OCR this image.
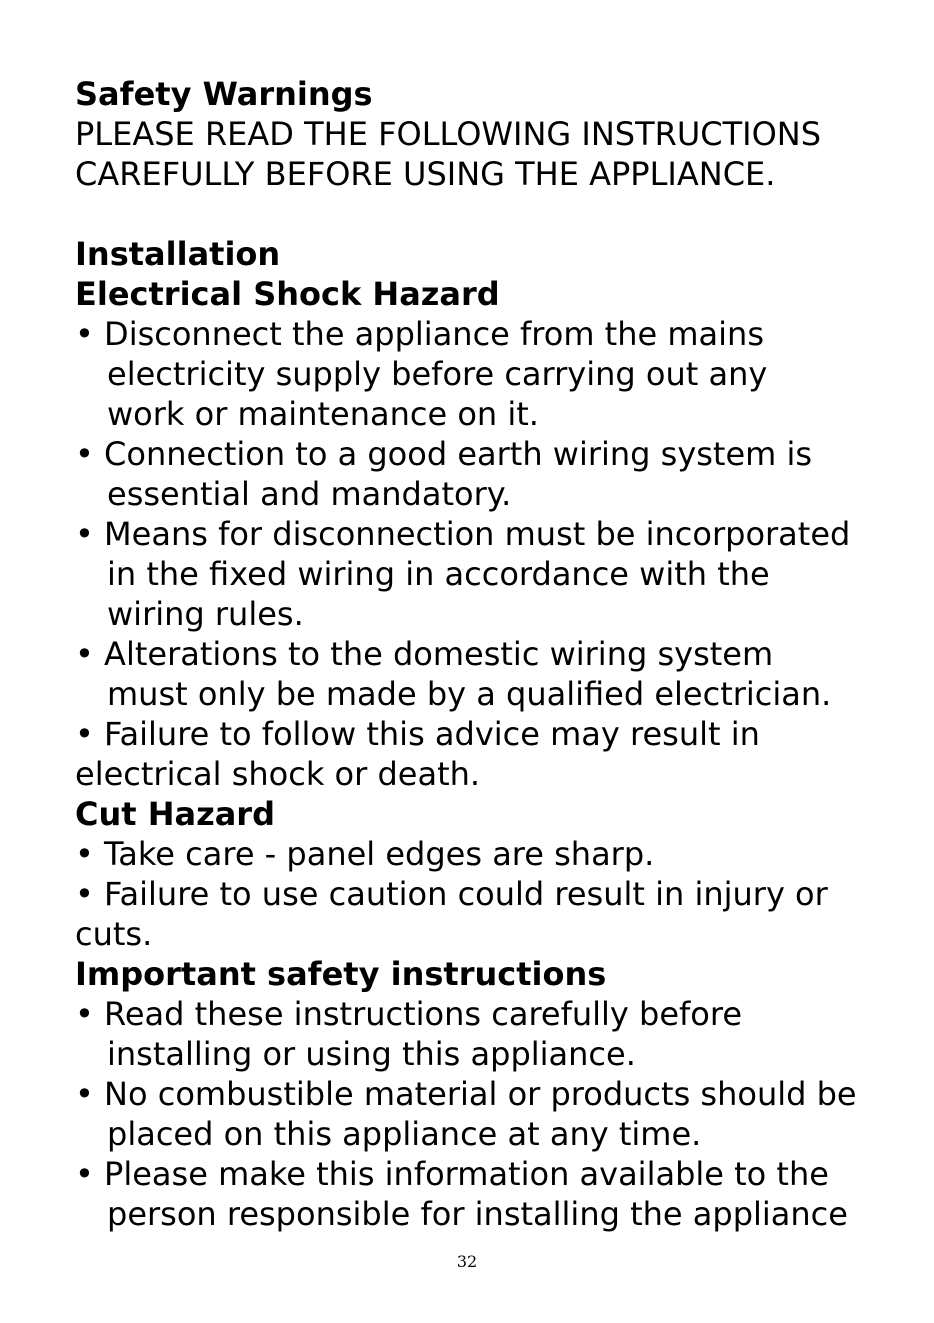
Safety Warnings
PLEASE READ THE FOLLOWING INSTRUCTIONS
CAREFULLY BEFORE USING THE APPLIANCE.
Installation
Electrical Shock Hazard
• Disconnect the appliance from the mains
electricity supply before carrying out any
work or maintenance on it.
• Connection to a good earth wiring system is
essential and mandatory.
• Means for disconnection must be incorporated
in the fixed wiring in accordance with the
wiring rules.
• Alterations to the domestic wiring system
must only be made by a qualified electrician.
• Failure to follow this advice may result in
electrical shock or death.
Cut Hazard
• Take care - panel edges are sharp.
• Failure to use caution could result in injury or
cuts.
Important safety instructions
• Read these instructions carefully before
installing or using this appliance.
• No combustible material or products should be
placed on this appliance at any time.
• Please make this information available to the
person responsible for installing the appliance
32
